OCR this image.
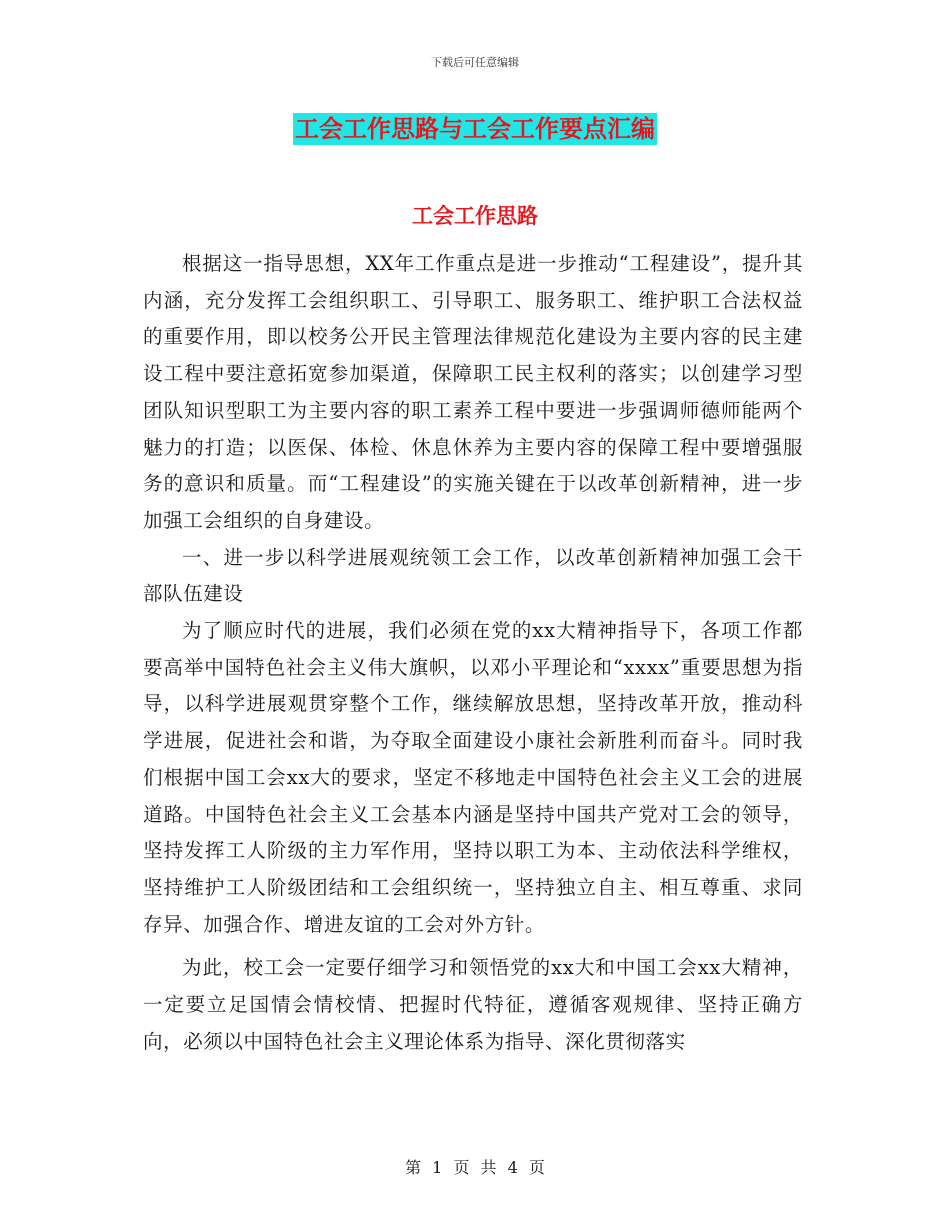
下载后可任意编辑
工会工作思路与工会工作要点汇编
工会工作思路

根据这一指导思想，XX年工作重点是进一步推动“工程建设”，提升其内涵，充分发挥工会组织职工、引导职工、服务职工、维护职工合法权益的重要作用，即以校务公开民主管理法律规范化建设为主要内容的民主建设工程中要注意拓宽参加渠道，保障职工民主权利的落实；以创建学习型团队知识型职工为主要内容的职工素养工程中要进一步强调师德师能两个魅力的打造；以医保、体检、休息休养为主要内容的保障工程中要增强服务的意识和质量。而“工程建设”的实施关键在于以改革创新精神，进一步加强工会组织的自身建设。

一、进一步以科学进展观统领工会工作，以改革创新精神加强工会干部队伍建设

为了顺应时代的进展，我们必须在党的xx大精神指导下，各项工作都要高举中国特色社会主义伟大旗帜，以邓小平理论和“xxxx”重要思想为指导，以科学进展观贯穿整个工作，继续解放思想，坚持改革开放，推动科学进展，促进社会和谐，为夺取全面建设小康社会新胜利而奋斗。同时我们根据中国工会xx大的要求，坚定不移地走中国特色社会主义工会的进展道路。中国特色社会主义工会基本内涵是坚持中国共产党对工会的领导，坚持发挥工人阶级的主力军作用，坚持以职工为本、主动依法科学维权，坚持维护工人阶级团结和工会组织统一，坚持独立自主、相互尊重、求同存异、加强合作、增进友谊的工会对外方针。

为此，校工会一定要仔细学习和领悟党的xx大和中国工会xx大精神，一定要立足国情会情校情、把握时代特征，遵循客观规律、坚持正确方向，必须以中国特色社会主义理论体系为指导、深化贯彻落实

第 1 页 共 4 页
